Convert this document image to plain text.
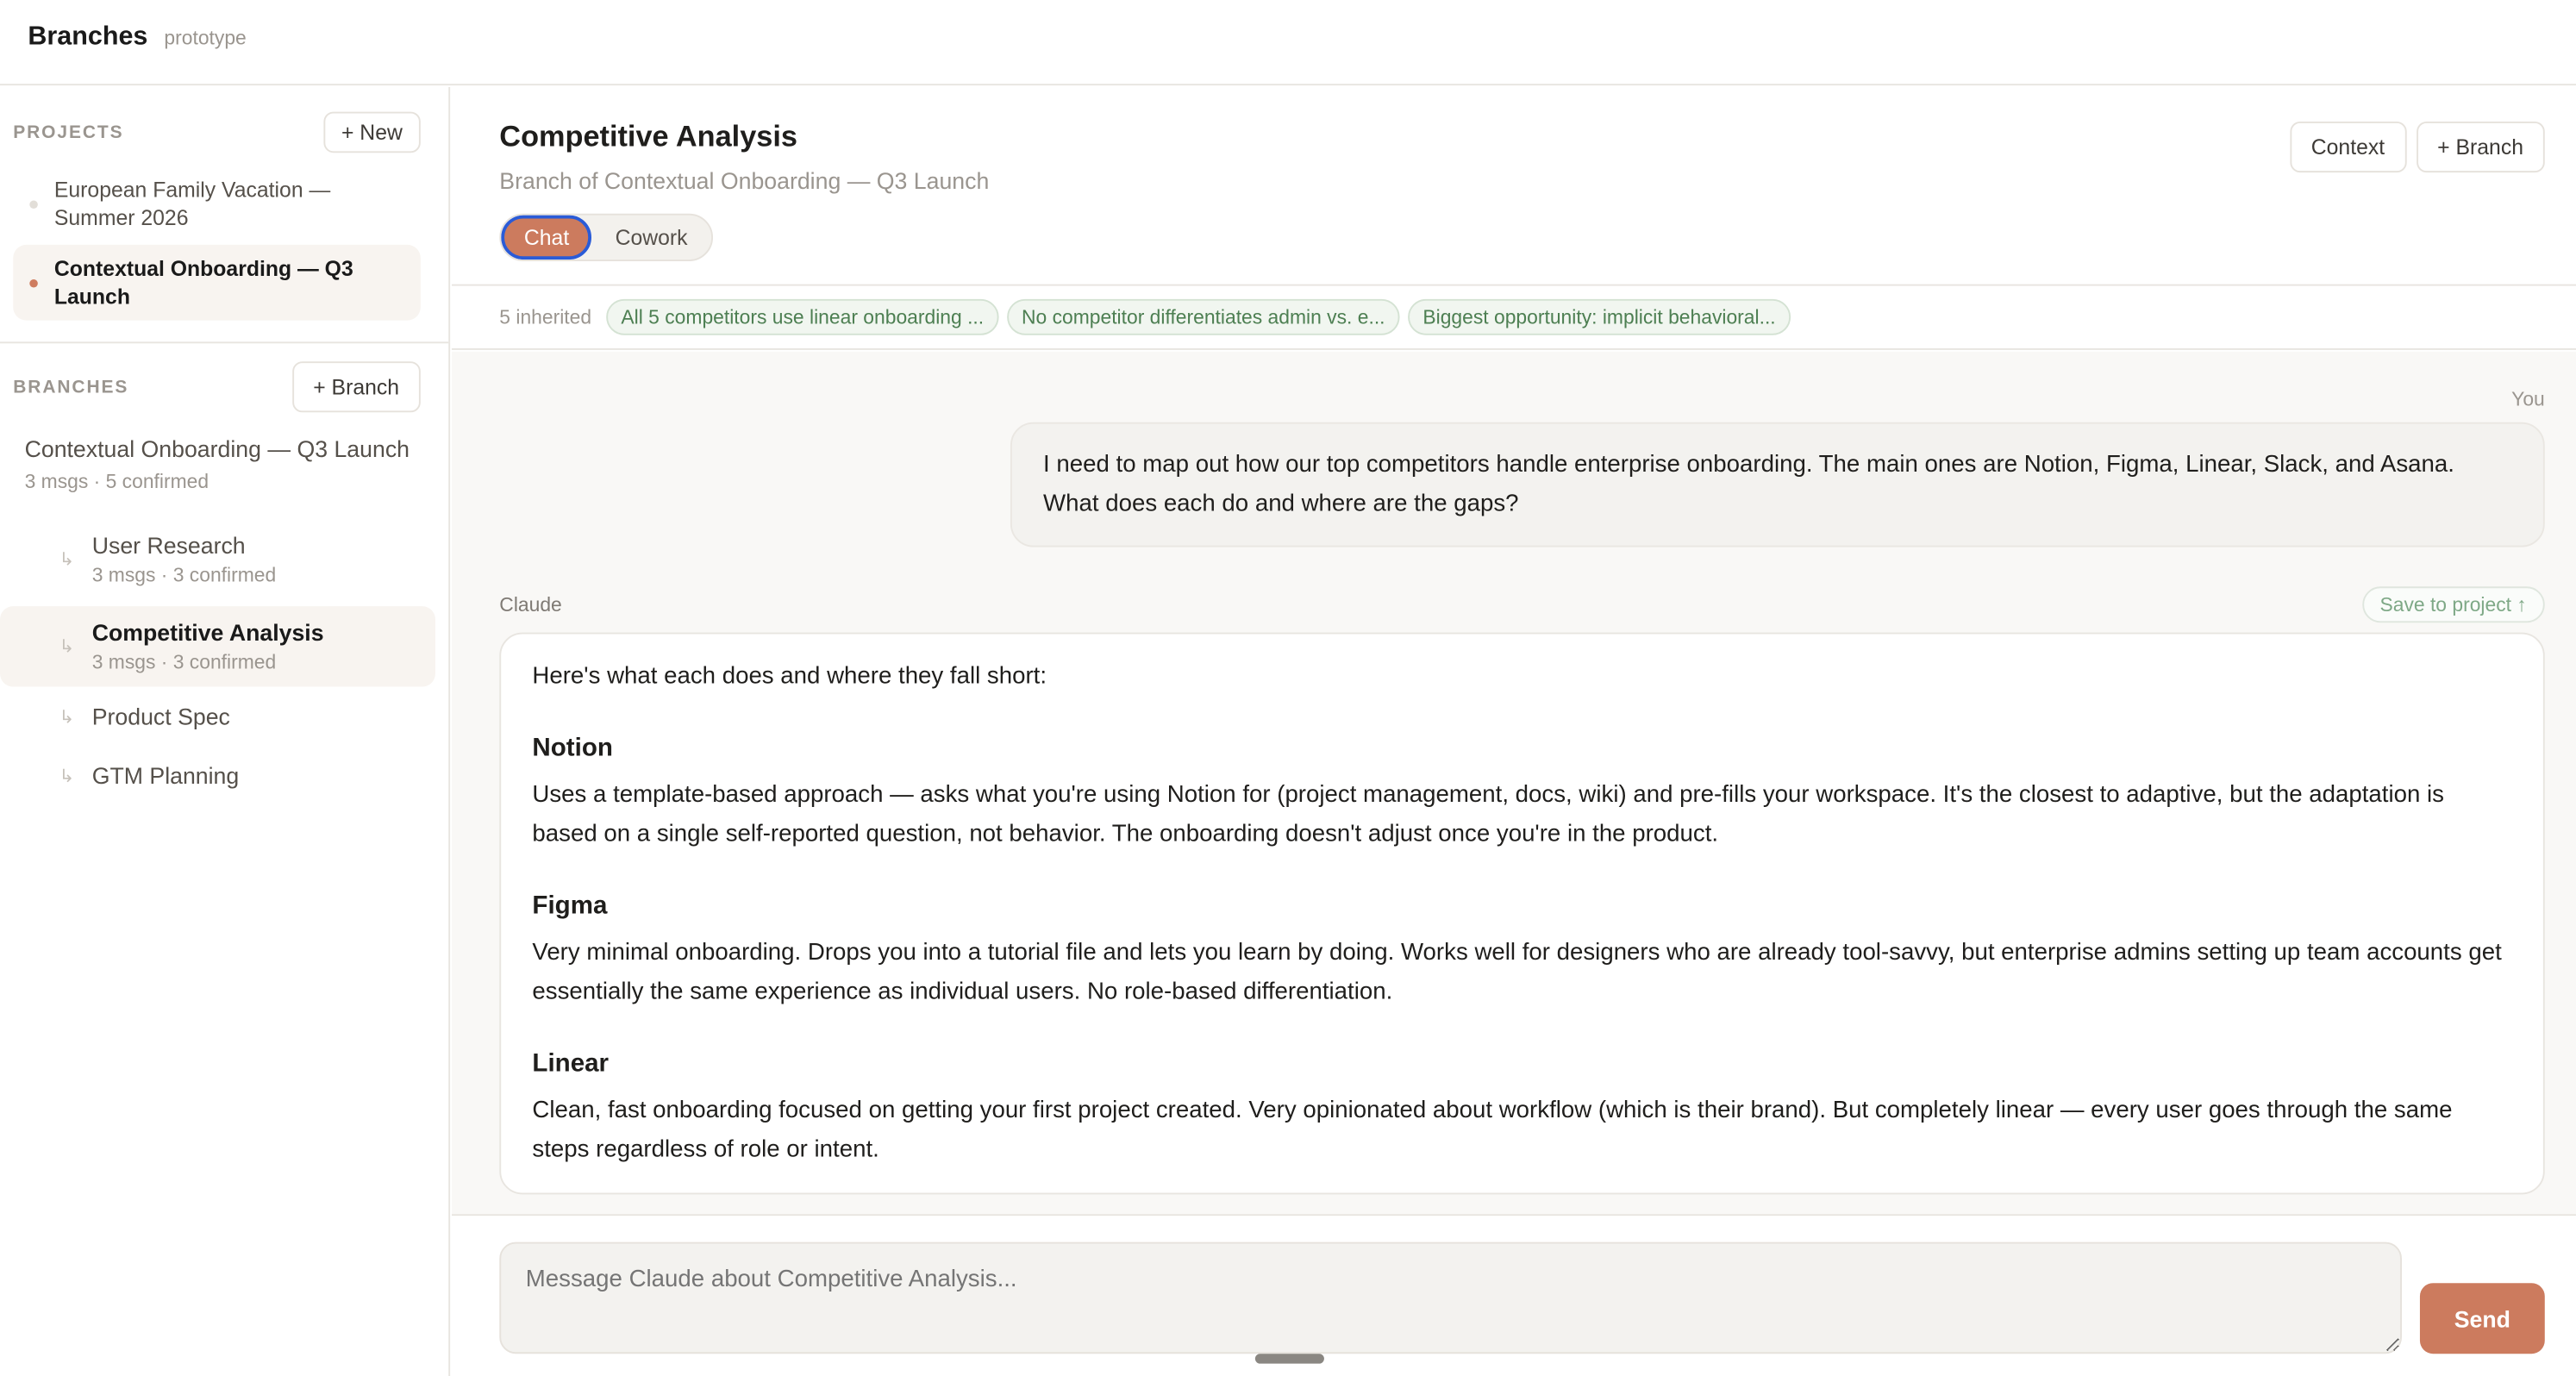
Branches prototype
PROJECTS	+ New
European Family Vacation — Summer 2026
Contextual Onboarding — Q3 Launch
BRANCHES	+ Branch
Contextual Onboarding — Q3 Launch
3 msgs · 5 confirmed
↳
User Research
3 msgs · 3 confirmed
↳
Competitive Analysis
3 msgs · 3 confirmed
↳	Product Spec
↳	GTM Planning
Competitive Analysis
Branch of Contextual Onboarding — Q3 Launch
Chat	Cowork
Context	+ Branch
5 inherited	All 5 competitors use linear onboarding ...	No competitor differentiates admin vs. e...	Biggest opportunity: implicit behavioral...
You
I need to map out how our top competitors handle enterprise onboarding. The main ones are Notion, Figma, Linear, Slack, and Asana. What does each do and where are the gaps?
Claude	Save to project ↑

Here's what each does and where they fall short:

Notion

Uses a template-based approach — asks what you're using Notion for (project management, docs, wiki) and pre-fills your workspace. It's the closest to adaptive, but the adaptation is based on a single self-reported question, not behavior. The onboarding doesn't adjust once you're in the product.

Figma

Very minimal onboarding. Drops you into a tutorial file and lets you learn by doing. Works well for designers who are already tool-savvy, but enterprise admins setting up team accounts get essentially the same experience as individual users. No role-based differentiation.

Linear

Clean, fast onboarding focused on getting your first project created. Very opinionated about workflow (which is their brand). But completely linear — every user goes through the same steps regardless of role or intent.

Message Claude about Competitive Analysis...
Send
